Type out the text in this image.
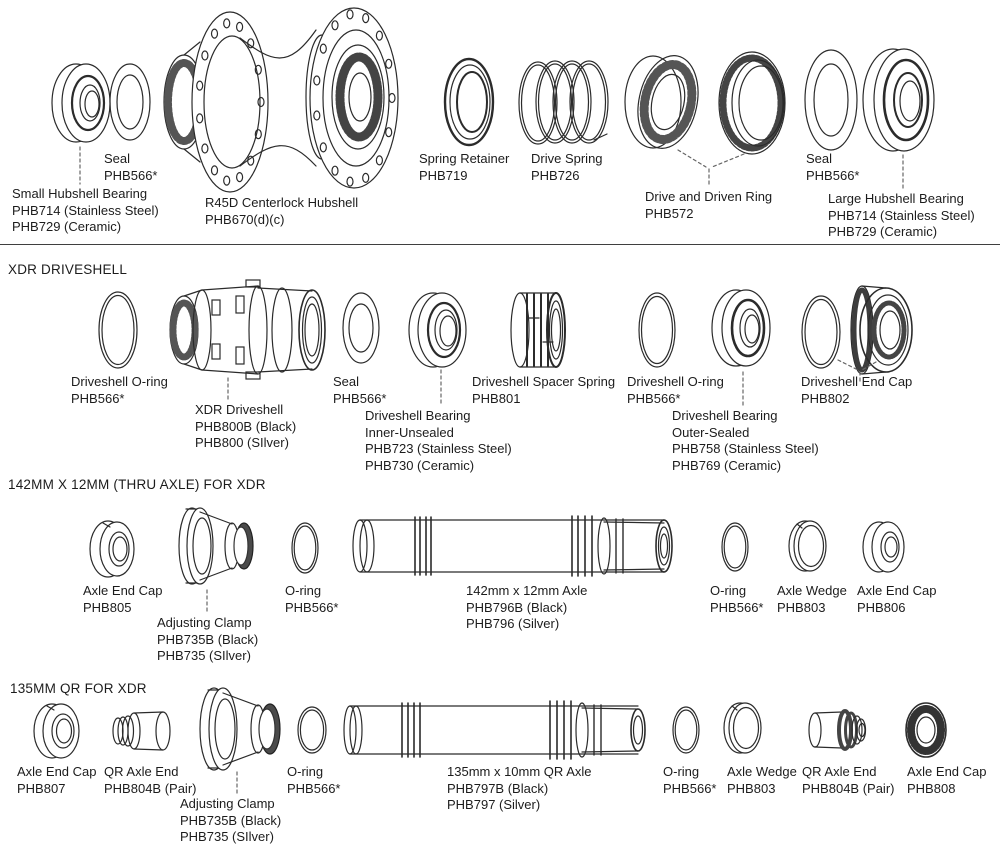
XDR DRIVESHELL
142MM X 12MM (THRU AXLE) FOR XDR
135MM QR FOR XDR
Seal
PHB566*
Small Hubshell Bearing
PHB714 (Stainless Steel)
PHB729 (Ceramic)
R45D Centerlock Hubshell
PHB670(d)(c)
Spring Retainer
PHB719
Drive Spring
PHB726
Drive and Driven Ring
PHB572
Seal
PHB566*
Large Hubshell Bearing
PHB714 (Stainless Steel)
PHB729 (Ceramic)
Driveshell O-ring
PHB566*
XDR Driveshell
PHB800B (Black)
PHB800 (SIlver)
Seal
PHB566*
Driveshell Bearing
Inner-Unsealed
PHB723 (Stainless Steel)
PHB730 (Ceramic)
Driveshell Spacer Spring
PHB801
Driveshell O-ring
PHB566*
Driveshell Bearing
Outer-Sealed
PHB758 (Stainless Steel)
PHB769 (Ceramic)
Driveshell End Cap
PHB802
Axle End Cap
PHB805
Adjusting Clamp
PHB735B (Black)
PHB735 (SIlver)
O-ring
PHB566*
142mm x 12mm Axle
PHB796B (Black)
PHB796 (Silver)
O-ring
PHB566*
Axle Wedge
PHB803
Axle End Cap
PHB806
Axle End Cap
PHB807
QR Axle End
PHB804B (Pair)
Adjusting Clamp
PHB735B (Black)
PHB735 (SIlver)
O-ring
PHB566*
135mm x 10mm QR Axle
PHB797B (Black)
PHB797 (Silver)
O-ring
PHB566*
Axle Wedge
PHB803
QR Axle End
PHB804B (Pair)
Axle End Cap
PHB808
